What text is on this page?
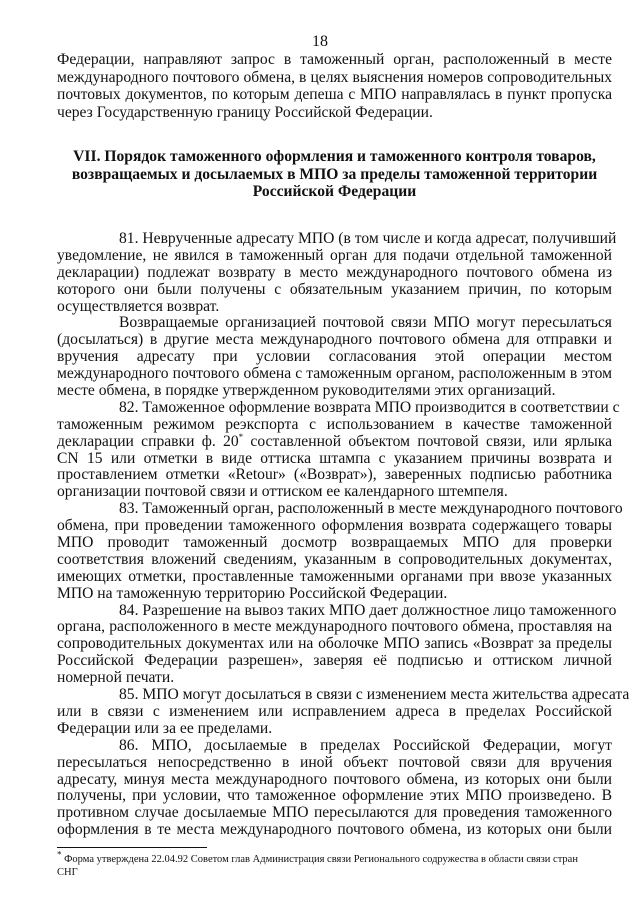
18
Федерации, направляют запрос в таможенный орган, расположенный в месте
международного почтового обмена, в целях выяснения номеров сопроводительных
почтовых документов, по которым депеша с МПО направлялась в пункт пропуска
через Государственную границу Российской Федерации.
VII. Порядок таможенного оформления и таможенного контроля товаров,
возвращаемых и досылаемых в МПО за пределы таможенной территории
Российской Федерации
81. Неврученные адресату МПО (в том числе и когда адресат, получивший
уведомление, не явился в таможенный орган для подачи отдельной таможенной
декларации) подлежат возврату в место международного почтового обмена из
которого они были получены с обязательным указанием причин, по которым
осуществляется возврат.
Возвращаемые организацией почтовой связи МПО могут пересылаться
(досылаться) в другие места международного почтового обмена для отправки и
вручения адресату при условии согласования этой операции местом
международного почтового обмена с таможенным органом, расположенным в этом
месте обмена, в порядке утвержденном руководителями этих организаций.
82. Таможенное оформление возврата МПО производится в соответствии с
таможенным режимом реэкспорта с использованием в качестве таможенной
декларации справки ф. 20* составленной объектом почтовой связи, или ярлыка
CN 15 или отметки в виде оттиска штампа с указанием причины возврата и
проставлением отметки «Retour» («Возврат»), заверенных подписью работника
организации почтовой связи и оттиском ее календарного штемпеля.
83. Таможенный орган, расположенный в месте международного почтового
обмена, при проведении таможенного оформления возврата содержащего товары
МПО проводит таможенный досмотр возвращаемых МПО для проверки
соответствия вложений сведениям, указанным в сопроводительных документах,
имеющих отметки, проставленные таможенными органами при ввозе указанных
МПО на таможенную территорию Российской Федерации.
84. Разрешение на вывоз таких МПО дает должностное лицо таможенного
органа, расположенного в месте международного почтового обмена, проставляя на
сопроводительных документах или на оболочке МПО запись «Возврат за пределы
Российской Федерации разрешен», заверяя её подписью и оттиском личной
номерной печати.
85. МПО могут досылаться в связи с изменением места жительства адресата
или в связи с изменением или исправлением адреса в пределах Российской
Федерации или за ее пределами.
86. МПО, досылаемые в пределах Российской Федерации, могут
пересылаться непосредственно в иной объект почтовой связи для вручения
адресату, минуя места международного почтового обмена, из которых они были
получены, при условии, что таможенное оформление этих МПО произведено. В
противном случае досылаемые МПО пересылаются для проведения таможенного
оформления в те места международного почтового обмена, из которых они были
* Форма утверждена 22.04.92 Советом глав Администрация связи Регионального содружества в области связи стран
СНГ
